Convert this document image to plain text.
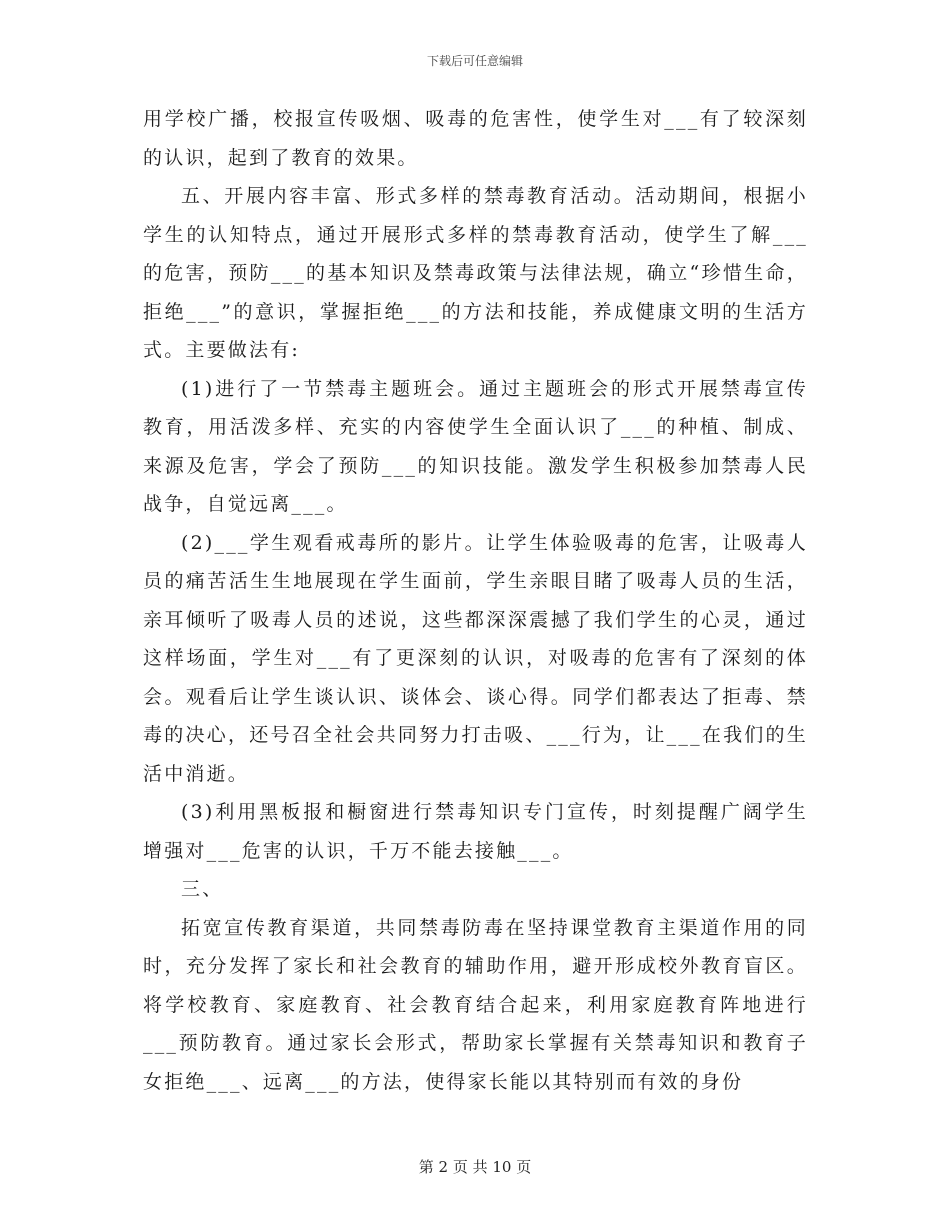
下载后可任意编辑

用学校广播，校报宣传吸烟、吸毒的危害性，使学生对___有了较深刻的认识，起到了教育的效果。

五、开展内容丰富、形式多样的禁毒教育活动。活动期间，根据小学生的认知特点，通过开展形式多样的禁毒教育活动，使学生了解___的危害，预防___的基本知识及禁毒政策与法律法规，确立“珍惜生命，拒绝___”的意识，掌握拒绝___的方法和技能，养成健康文明的生活方式。主要做法有:

(1)进行了一节禁毒主题班会。通过主题班会的形式开展禁毒宣传教育，用活泼多样、充实的内容使学生全面认识了___的种植、制成、来源及危害，学会了预防___的知识技能。激发学生积极参加禁毒人民战争，自觉远离___。

(2)___学生观看戒毒所的影片。让学生体验吸毒的危害，让吸毒人员的痛苦活生生地展现在学生面前，学生亲眼目睹了吸毒人员的生活，亲耳倾听了吸毒人员的述说，这些都深深震撼了我们学生的心灵，通过这样场面，学生对___有了更深刻的认识，对吸毒的危害有了深刻的体会。观看后让学生谈认识、谈体会、谈心得。同学们都表达了拒毒、禁毒的决心，还号召全社会共同努力打击吸、___行为，让___在我们的生活中消逝。

(3)利用黑板报和橱窗进行禁毒知识专门宣传，时刻提醒广阔学生增强对___危害的认识，千万不能去接触___。

三、

拓宽宣传教育渠道，共同禁毒防毒在坚持课堂教育主渠道作用的同时，充分发挥了家长和社会教育的辅助作用，避开形成校外教育盲区。将学校教育、家庭教育、社会教育结合起来，利用家庭教育阵地进行___预防教育。通过家长会形式，帮助家长掌握有关禁毒知识和教育子女拒绝___、远离___的方法，使得家长能以其特别而有效的身份

第 2 页 共 10 页
